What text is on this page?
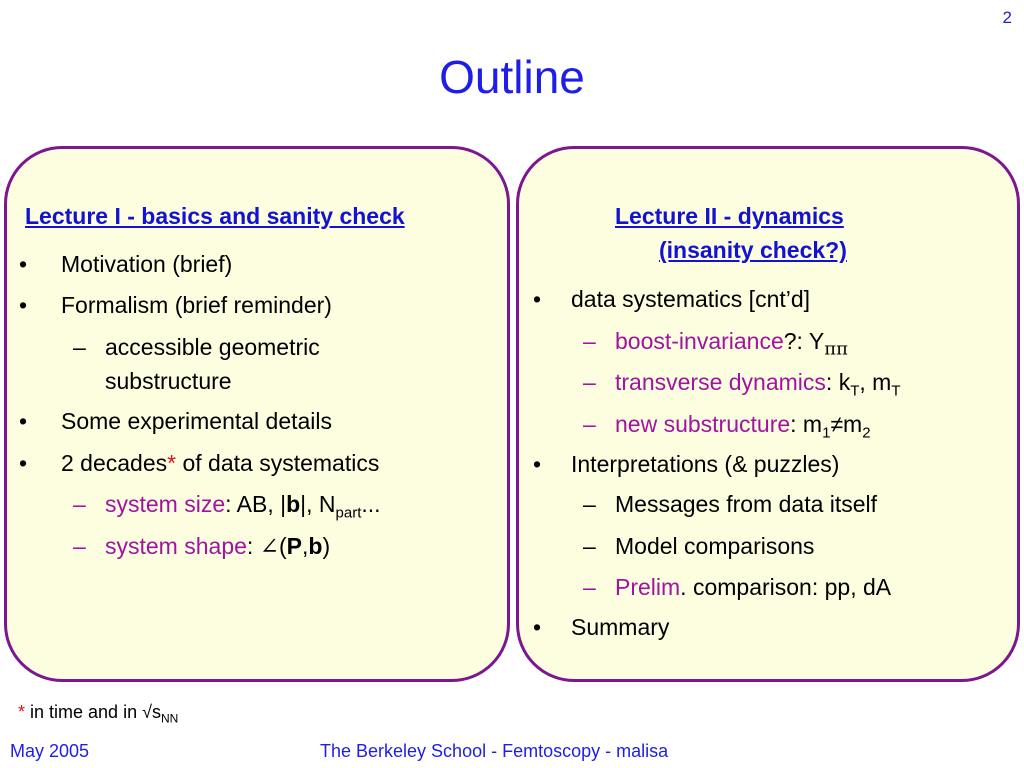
2
Outline
Lecture I - basics and sanity check
• Motivation (brief)
• Formalism (brief reminder)
– accessible geometric
substructure
• Some experimental details
• 2 decades* of data systematics
– system size: AB, |b|, $N_{part}$...
– system shape: ∠(P,b)
Lecture II - dynamics
(insanity check?)
• data systematics [cnt’d]
– boost-invariance?: $Y_{\pi\pi}$
– transverse dynamics: $k_T$, $m_T$
– new substructure: $m_1\ne m_2$
• Interpretations (& puzzles)
– Messages from data itself
– Model comparisons
– Prelim. comparison: pp, dA
• Summary
* in time and in $√s_{NN}$
May 2005	The Berkeley School - Femtoscopy - malisa
